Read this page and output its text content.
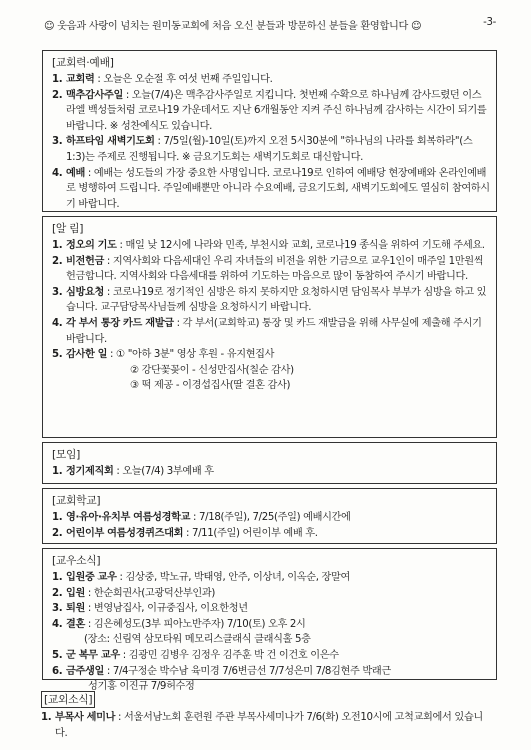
☺ 웃음과 사랑이 넘치는 원미동교회에 처음 오신 분들과 방문하신 분들을 환영합니다 ☺	-3-
[교회력·예배]
1. 교회력 : 오늘은 오순절 후 여섯 번째 주일입니다.
2. 맥추감사주일 : 오늘(7/4)은 맥추감사주일로 지킵니다. 첫번째 수확으로 하나님께 감사드렸던 이스라엘 백성들처럼 코로나19 가운데서도 지난 6개월동안 지켜 주신 하나님께 감사하는 시간이 되기를 바랍니다. ※ 성찬예식도 있습니다.
3. 하프타임 새벽기도회 : 7/5일(월)-10일(토)까지 오전 5시30분에 "하나님의 나라를 회복하라"(스 1:3)는 주제로 진행됩니다. ※ 금요기도회는 새벽기도회로 대신합니다.
4. 예배 : 예배는 성도들의 가장 중요한 사명입니다. 코로나19로 인하여 예배당 현장예배와 온라인예배로 병행하여 드립니다. 주일예배뿐만 아니라 수요예배, 금요기도회, 새벽기도회에도 열심히 참여하시기 바랍니다.
[알 림]
1. 정오의 기도 : 매일 낮 12시에 나라와 민족, 부천시와 교회, 코로나19 종식을 위하여 기도해 주세요.
2. 비전헌금 : 지역사회와 다음세대인 우리 자녀들의 비전을 위한 기금으로 교우1인이 매주일 1만원씩 헌금합니다. 지역사회와 다음세대를 위하여 기도하는 마음으로 많이 동참하여 주시기 바랍니다.
3. 심방요청 : 코로나19로 정기적인 심방은 하지 못하지만 요청하시면 담임목사 부부가 심방을 하고 있습니다. 교구담당목사님들께 심방을 요청하시기 바랍니다.
4. 각 부서 통장 카드 재발급 : 각 부서(교회학교) 통장 및 카드 재발급을 위해 사무실에 제출해 주시기 바랍니다.
5. 감사한 일 : ① "아하 3분" 영상 후원 - 유지현집사
② 강단꽃꽂이 - 신성만집사(칠순 감사)
③ 떡 제공 - 이경섭집사(딸 결혼 감사)
[모임]
1. 정기제직회 : 오늘(7/4) 3부예배 후
[교회학교]
1. 영·유아·유치부 여름성경학교 : 7/18(주일), 7/25(주일) 예배시간에
2. 어린이부 여름성경퀴즈대회 : 7/11(주일) 어린이부 예배 후.
[교우소식]
1. 입원중 교우 : 김상중, 박노규, 박태영, 안주, 이상녀, 이옥순, 장말여
2. 입원 : 한순희권사(고광덕산부인과)
3. 퇴원 : 변영남집사, 이규중집사, 이요한청년
4. 결혼 : 김은혜성도(3부 피아노반주자) 7/10(토) 오후 2시
(장소: 신림역 삼모타워 메모리스클래식 클래식홀 5층
5. 군 복무 교우 : 김광민 김병우 김정우 김주훈 박 건 이건호 이은수
6. 금주생일 : 7/4구정순 박수남 육미경 7/6변금선 7/7성은미 7/8김현주 박래근
성기홍 이진규 7/9허수정
[교외소식]
1. 부목사 세미나 : 서울서남노회 훈련원 주관 부목사세미나가 7/6(화) 오전10시에 고척교회에서 있습니다.
